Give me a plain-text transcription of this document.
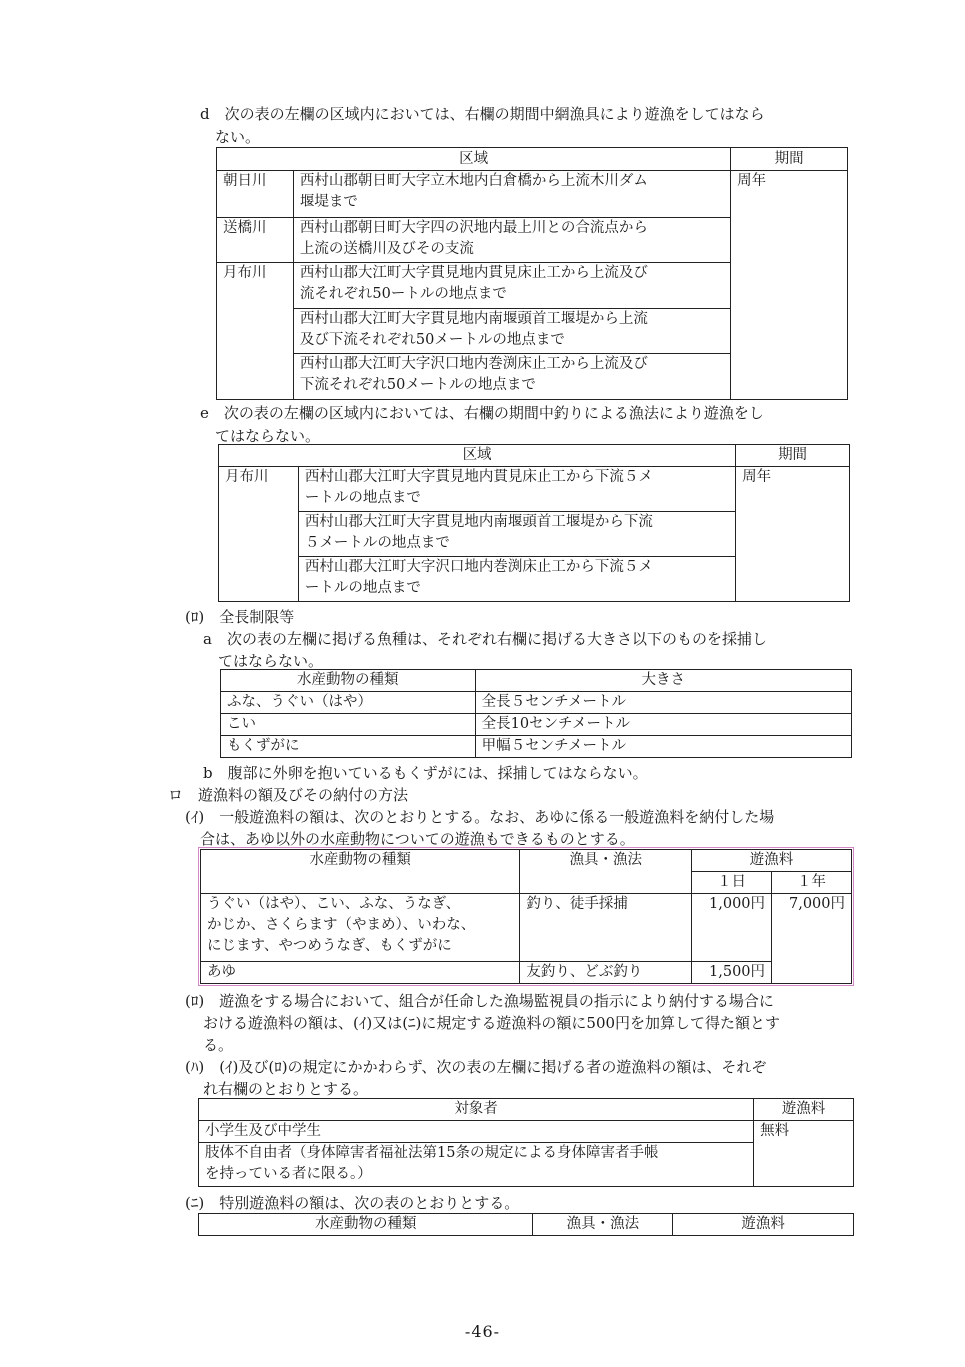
d　次の表の左欄の区域内においては、右欄の期間中網漁具により遊漁をしてはなら
ない。
区域		期間
朝日川	西村山郡朝日町大字立木地内白倉橋から上流木川ダム
堰堤まで	周年
送橋川	西村山郡朝日町大字四の沢地内最上川との合流点から
上流の送橋川及びその支流	

月布川	西村山郡大江町大字貫見地内貫見床止工から上流及び
流それぞれ50ートルの地点まで	

	西村山郡大江町大字貫見地内南堰頭首工堰堤から上流
及び下流それぞれ50メートルの地点まで	

	西村山郡大江町大字沢口地内巻渕床止工から上流及び
下流それぞれ50メートルの地点まで	
e　次の表の左欄の区域内においては、右欄の期間中釣りによる漁法により遊漁をし
てはならない。
区域		期間
月布川	西村山郡大江町大字貫見地内貫見床止工から下流５メ
ートルの地点まで	周年

	西村山郡大江町大字貫見地内南堰頭首工堰堤から下流
５メートルの地点まで	

	西村山郡大江町大字沢口地内巻渕床止工から下流５メ
ートルの地点まで	
(ﾛ)　全長制限等
a　次の表の左欄に掲げる魚種は、それぞれ右欄に掲げる大きさ以下のものを採捕し
てはならない。
水産動物の種類	大きさ
ふな、うぐい（はや）	全長５センチメートル
こい	全長10センチメートル
もくずがに	甲幅５センチメートル
b　腹部に外卵を抱いているもくずがには、採捕してはならない。
ロ　遊漁料の額及びその納付の方法
(ｲ)　一般遊漁料の額は、次のとおりとする。なお、あゆに係る一般遊漁料を納付した場
合は、あゆ以外の水産動物についての遊漁もできるものとする。
水産動物の種類	漁具・漁法	遊漁料	
		１日	１年

うぐい（はや）、こい、ふな、うなぎ、
かじか、さくらます（やまめ）、いわな、
にじます、やつめうなぎ、もくずがに	釣り、徒手採捕	1,000円	7,000円
あゆ	友釣り、どぶ釣り	1,500円	
(ﾛ)　遊漁をする場合において、組合が任命した漁場監視員の指示により納付する場合に
おける遊漁料の額は、(ｲ)又は(ﾆ)に規定する遊漁料の額に500円を加算して得た額とす
る。
(ﾊ)　(ｲ)及び(ﾛ)の規定にかかわらず、次の表の左欄に掲げる者の遊漁料の額は、それぞ
れ右欄のとおりとする。
対象者	遊漁料
小学生及び中学生	無料

肢体不自由者（身体障害者福祉法第15条の規定による身体障害者手帳
を持っている者に限る。）	
(ﾆ)　特別遊漁料の額は、次の表のとおりとする。
水産動物の種類	漁具・漁法	遊漁料
-46-
